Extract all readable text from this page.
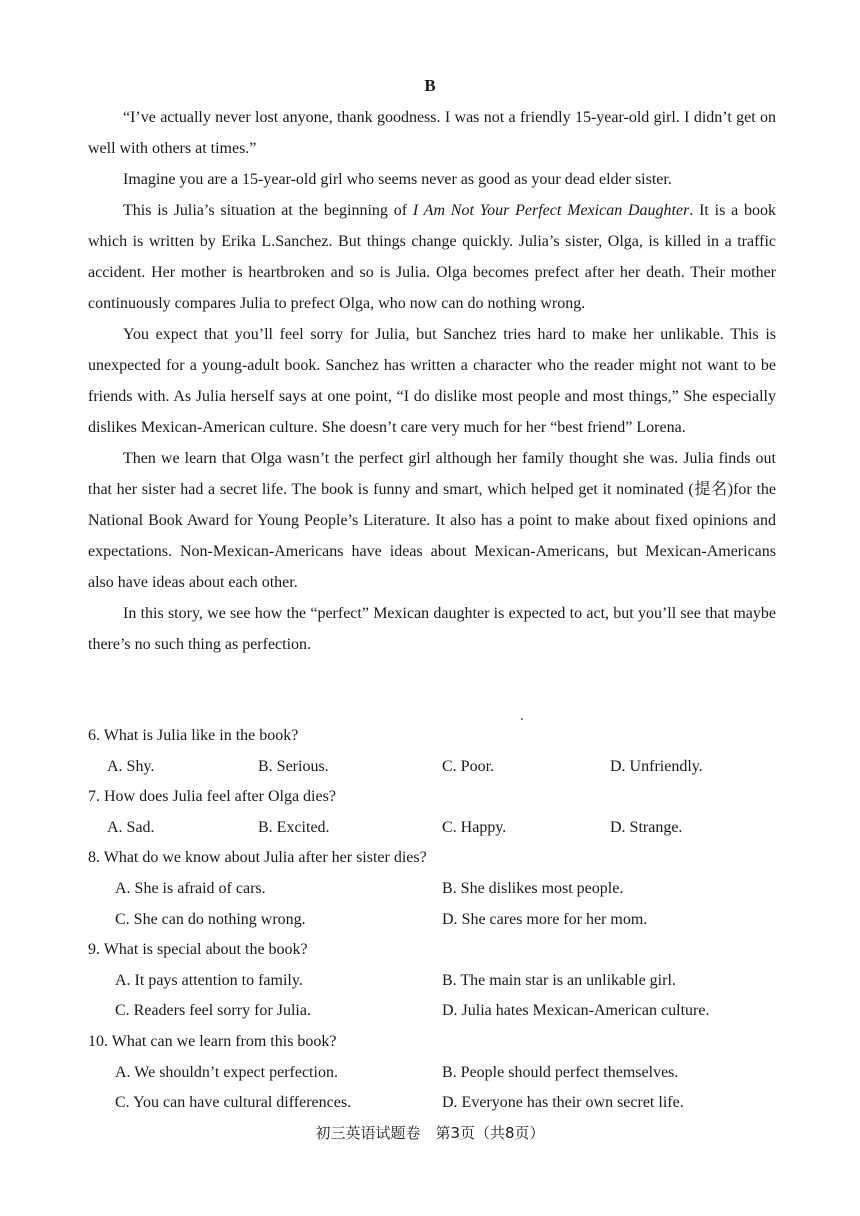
B

“I’ve actually never lost anyone, thank goodness. I was not a friendly 15-year-old girl. I didn’t get on well with others at times.”

Imagine you are a 15-year-old girl who seems never as good as your dead elder sister.

This is Julia’s situation at the beginning of I Am Not Your Perfect Mexican Daughter. It is a book which is written by Erika L.Sanchez. But things change quickly. Julia’s sister, Olga, is killed in a traffic accident. Her mother is heartbroken and so is Julia. Olga becomes prefect after her death. Their mother continuously compares Julia to prefect Olga, who now can do nothing wrong.

You expect that you’ll feel sorry for Julia, but Sanchez tries hard to make her unlikable. This is unexpected for a young-adult book. Sanchez has written a character who the reader might not want to be friends with. As Julia herself says at one point, “I do dislike most people and most things,” She especially dislikes Mexican-American culture. She doesn’t care very much for her “best friend” Lorena.

Then we learn that Olga wasn’t the perfect girl although her family thought she was. Julia finds out that her sister had a secret life. The book is funny and smart, which helped get it nominated (提名)for the National Book Award for Young People’s Literature. It also has a point to make about fixed opinions and expectations. Non-Mexican-Americans have ideas about Mexican-Americans, but Mexican-Americans also have ideas about each other.

In this story, we see how the “perfect” Mexican daughter is expected to act, but you’ll see that maybe there’s no such thing as perfection.

6. What is Julia like in the book?
A. Shy.	B. Serious.	C. Poor.	D. Unfriendly.
7. How does Julia feel after Olga dies?
A. Sad.	B. Excited.	C. Happy.	D. Strange.
8. What do we know about Julia after her sister dies?
A. She is afraid of cars.	B. She dislikes most people.
C. She can do nothing wrong.	D. She cares more for her mom.
9. What is special about the book?
A. It pays attention to family.	B. The main star is an unlikable girl.
C. Readers feel sorry for Julia.	D. Julia hates Mexican-American culture.
10. What can we learn from this book?
A. We shouldn’t expect perfection.	B. People should perfect themselves.
C. You can have cultural differences.	D. Everyone has their own secret life.
初三英语试题卷　第3页（共8页）
